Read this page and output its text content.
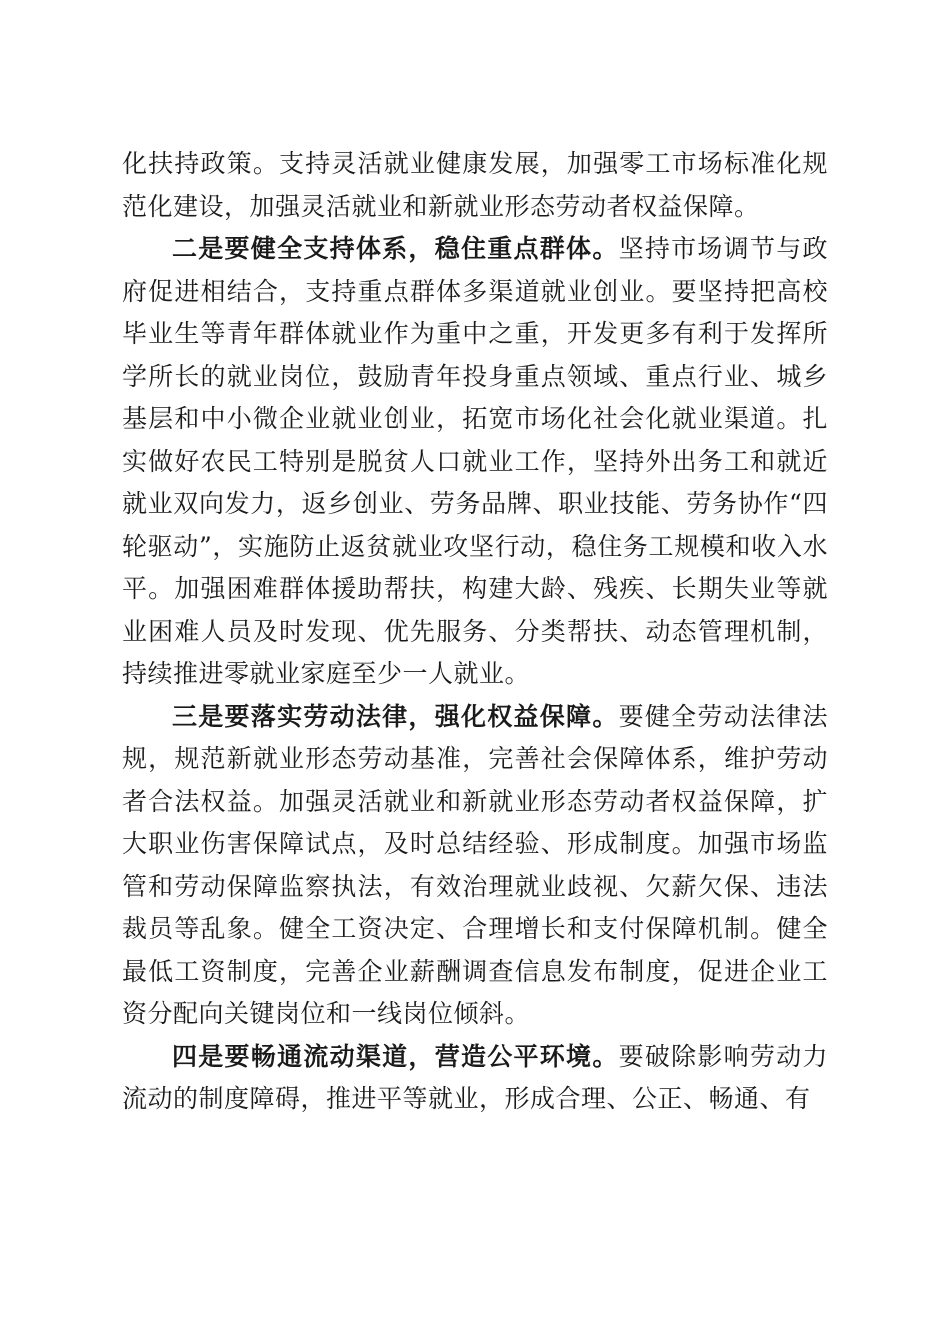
化扶持政策。支持灵活就业健康发展，加强零工市场标准化规范化建设，加强灵活就业和新就业形态劳动者权益保障。

二是要健全支持体系，稳住重点群体。坚持市场调节与政府促进相结合，支持重点群体多渠道就业创业。要坚持把高校毕业生等青年群体就业作为重中之重，开发更多有利于发挥所学所长的就业岗位，鼓励青年投身重点领域、重点行业、城乡基层和中小微企业就业创业，拓宽市场化社会化就业渠道。扎实做好农民工特别是脱贫人口就业工作，坚持外出务工和就近就业双向发力，返乡创业、劳务品牌、职业技能、劳务协作“四轮驱动”，实施防止返贫就业攻坚行动，稳住务工规模和收入水平。加强困难群体援助帮扶，构建大龄、残疾、长期失业等就业困难人员及时发现、优先服务、分类帮扶、动态管理机制，持续推进零就业家庭至少一人就业。

三是要落实劳动法律，强化权益保障。要健全劳动法律法规，规范新就业形态劳动基准，完善社会保障体系，维护劳动者合法权益。加强灵活就业和新就业形态劳动者权益保障，扩大职业伤害保障试点，及时总结经验、形成制度。加强市场监管和劳动保障监察执法，有效治理就业歧视、欠薪欠保、违法裁员等乱象。健全工资决定、合理增长和支付保障机制。健全最低工资制度，完善企业薪酬调查信息发布制度，促进企业工资分配向关键岗位和一线岗位倾斜。

四是要畅通流动渠道，营造公平环境。要破除影响劳动力流动的制度障碍，推进平等就业，形成合理、公正、畅通、有
